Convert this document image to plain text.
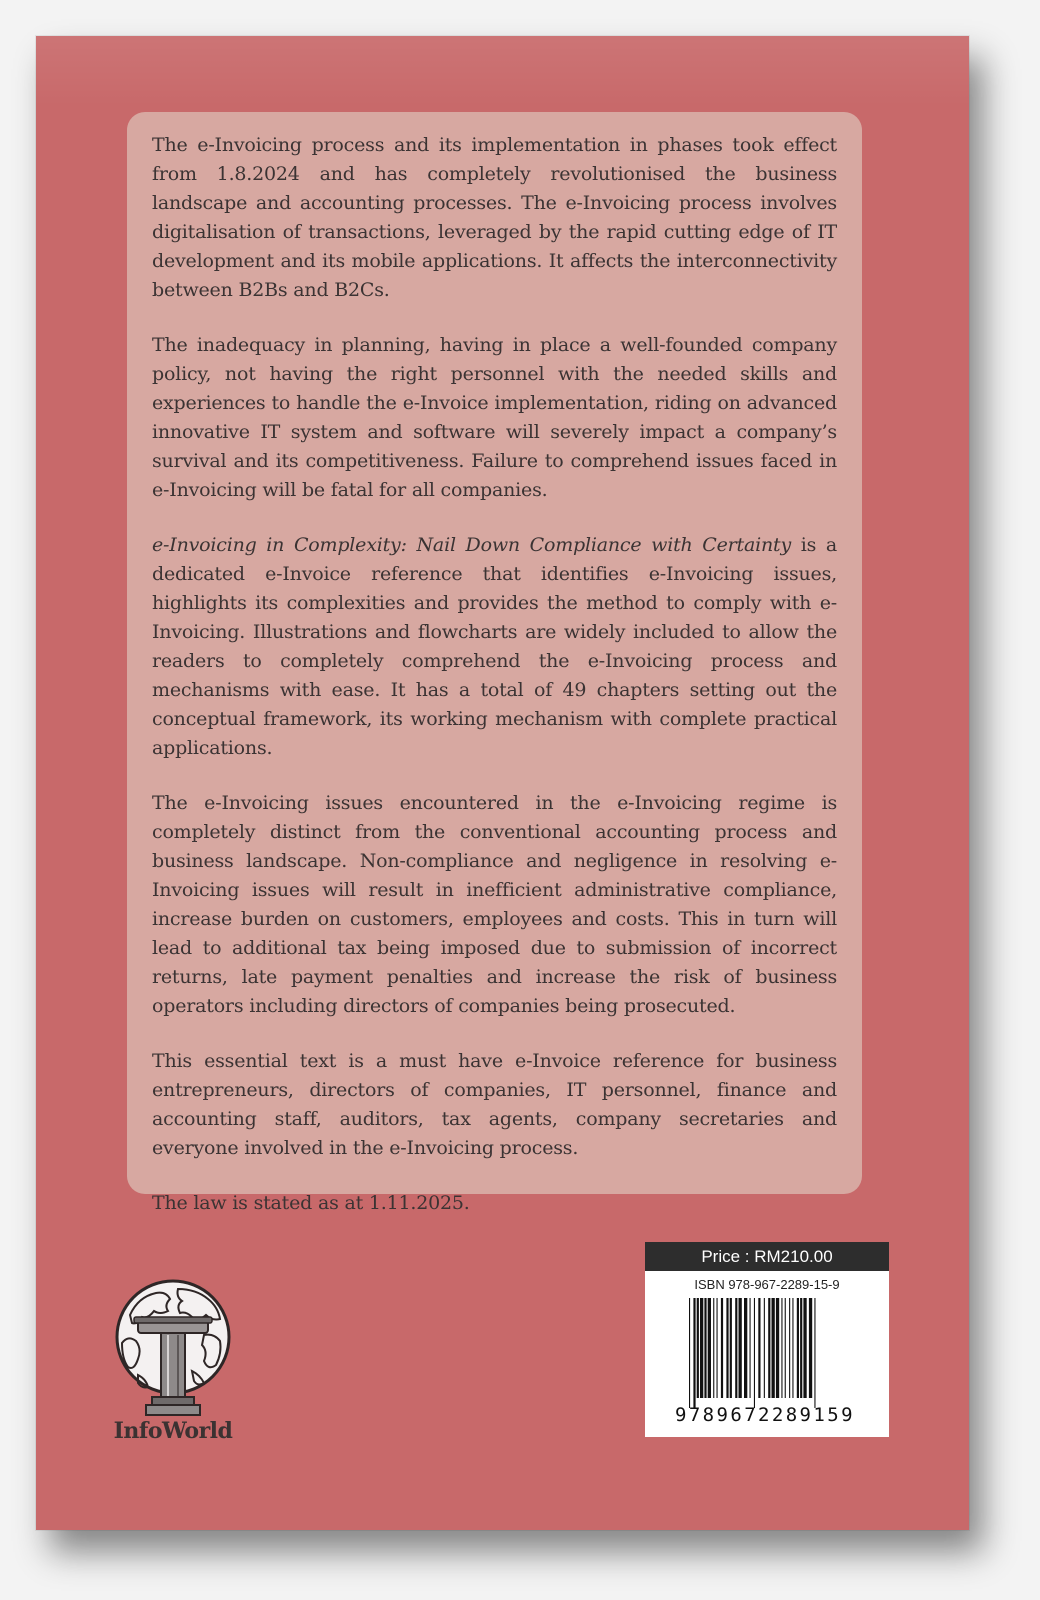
The e-Invoicing process and its implementation in phases took effect from 1.8.2024 and has completely revolutionised the business landscape and accounting processes. The e-Invoicing process involves digitalisation of transactions, leveraged by the rapid cutting edge of IT development and its mobile applications. It affects the interconnectivity between B2Bs and B2Cs.

The inadequacy in planning, having in place a well-founded company policy, not having the right personnel with the needed skills and experiences to handle the e-Invoice implementation, riding on advanced innovative IT system and software will severely impact a company’s survival and its competitiveness. Failure to comprehend issues faced in e-Invoicing will be fatal for all companies.

e-Invoicing in Complexity: Nail Down Compliance with Certainty is a dedicated e-Invoice reference that identifies e-Invoicing issues, highlights its complexities and provides the method to comply with e-Invoicing. Illustrations and flowcharts are widely included to allow the readers to completely comprehend the e-Invoicing process and mechanisms with ease. It has a total of 49 chapters setting out the conceptual framework, its working mechanism with complete practical applications.

The e-Invoicing issues encountered in the e-Invoicing regime is completely distinct from the conventional accounting process and business landscape. Non-compliance and negligence in resolving e-Invoicing issues will result in inefficient administrative compliance, increase burden on customers, employees and costs. This in turn will lead to additional tax being imposed due to submission of incorrect returns, late payment penalties and increase the risk of business operators including directors of companies being prosecuted.

This essential text is a must have e-Invoice reference for business entrepreneurs, directors of companies, IT personnel, finance and accounting staff, auditors, tax agents, company secretaries and everyone involved in the e-Invoicing process.

The law is stated as at 1.11.2025.

InfoWorld
Price : RM210.00
ISBN 978-967-2289-15-9
9789672289159
